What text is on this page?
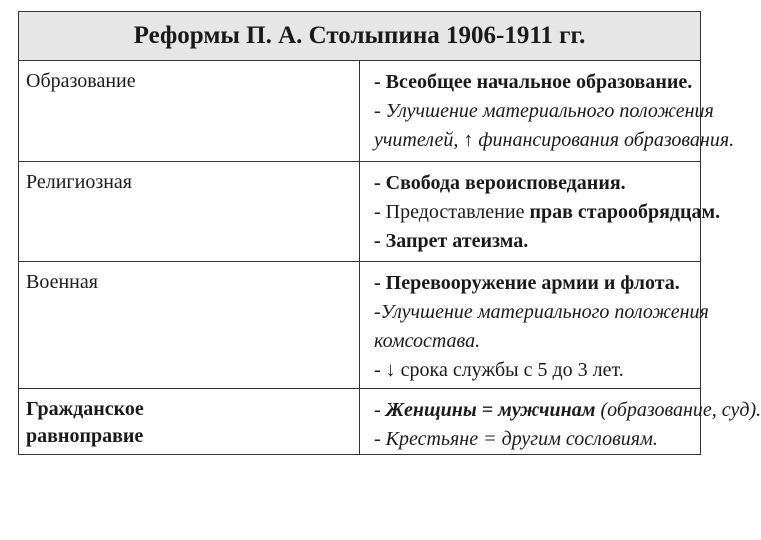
Реформы П. А. Столыпина 1906-1911 гг.	
Образование	- Всеобщее начальное образование.
- Улучшение материального положения
учителей, ↑ финансирования образования.

Религиозная	- Свобода вероисповедания.
- Предоставление прав старообрядцам.
- Запрет атеизма.

Военная	- Перевооружение армии и флота.
-Улучшение материального положения
комсостава.
- ↓ срока службы с 5 до 3 лет.

Гражданское
равноправие	- Женщины = мужчинам (образование, суд).
- Крестьяне = другим сословиям.
